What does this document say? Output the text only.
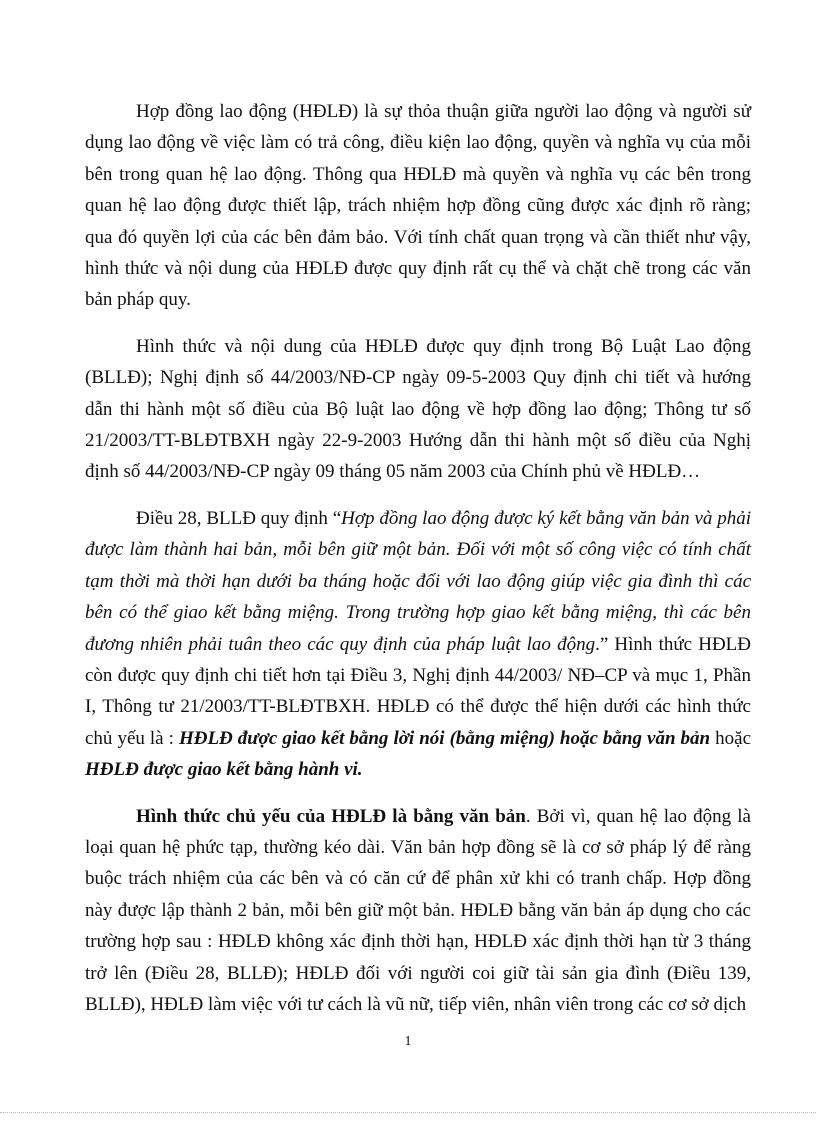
Hợp đồng lao động (HĐLĐ) là sự thỏa thuận giữa người lao động và người sử dụng lao động về việc làm có trả công, điều kiện lao động, quyền và nghĩa vụ của mỗi bên trong quan hệ lao động. Thông qua HĐLĐ mà quyền và nghĩa vụ các bên trong quan hệ lao động được thiết lập, trách nhiệm hợp đồng cũng được xác định rõ ràng; qua đó quyền lợi của các bên đảm bảo. Với tính chất quan trọng và cần thiết như vậy, hình thức và nội dung của HĐLĐ được quy định rất cụ thể và chặt chẽ trong các văn bản pháp quy.

Hình thức và nội dung của HĐLĐ được quy định trong Bộ Luật Lao động (BLLĐ); Nghị định số 44/2003/NĐ-CP ngày 09-5-2003 Quy định chi tiết và hướng dẫn thi hành một số điều của Bộ luật lao động về hợp đồng lao động; Thông tư số 21/2003/TT-BLĐTBXH ngày 22-9-2003 Hướng dẫn thi hành một số điều của Nghị định số 44/2003/NĐ-CP ngày 09 tháng 05 năm 2003 của Chính phủ về HĐLĐ…

Điều 28, BLLĐ quy định “Hợp đồng lao động được ký kết bằng văn bản và phải được làm thành hai bản, mỗi bên giữ một bản. Đối với một số công việc có tính chất tạm thời mà thời hạn dưới ba tháng hoặc đối với lao động giúp việc gia đình thì các bên có thể giao kết bằng miệng. Trong trường hợp giao kết bằng miệng, thì các bên đương nhiên phải tuân theo các quy định của pháp luật lao động.” Hình thức HĐLĐ còn được quy định chi tiết hơn tại Điều 3, Nghị định 44/2003/ NĐ–CP và mục 1, Phần I, Thông tư 21/2003/TT-BLĐTBXH. HĐLĐ có thể được thể hiện dưới các hình thức chủ yếu là : HĐLĐ được giao kết bằng lời nói (bằng miệng) hoặc bằng văn bản hoặc HĐLĐ được giao kết bằng hành vi.

Hình thức chủ yếu của HĐLĐ là bằng văn bản. Bởi vì, quan hệ lao động là loại quan hệ phức tạp, thường kéo dài. Văn bản hợp đồng sẽ là cơ sở pháp lý để ràng buộc trách nhiệm của các bên và có căn cứ để phân xử khi có tranh chấp. Hợp đồng này được lập thành 2 bản, mỗi bên giữ một bản. HĐLĐ bằng văn bản áp dụng cho các trường hợp sau : HĐLĐ không xác định thời hạn, HĐLĐ xác định thời hạn từ 3 tháng trở lên (Điều 28, BLLĐ); HĐLĐ đối với người coi giữ tài sản gia đình (Điều 139, BLLĐ), HĐLĐ làm việc với tư cách là vũ nữ, tiếp viên, nhân viên trong các cơ sở dịch

1
